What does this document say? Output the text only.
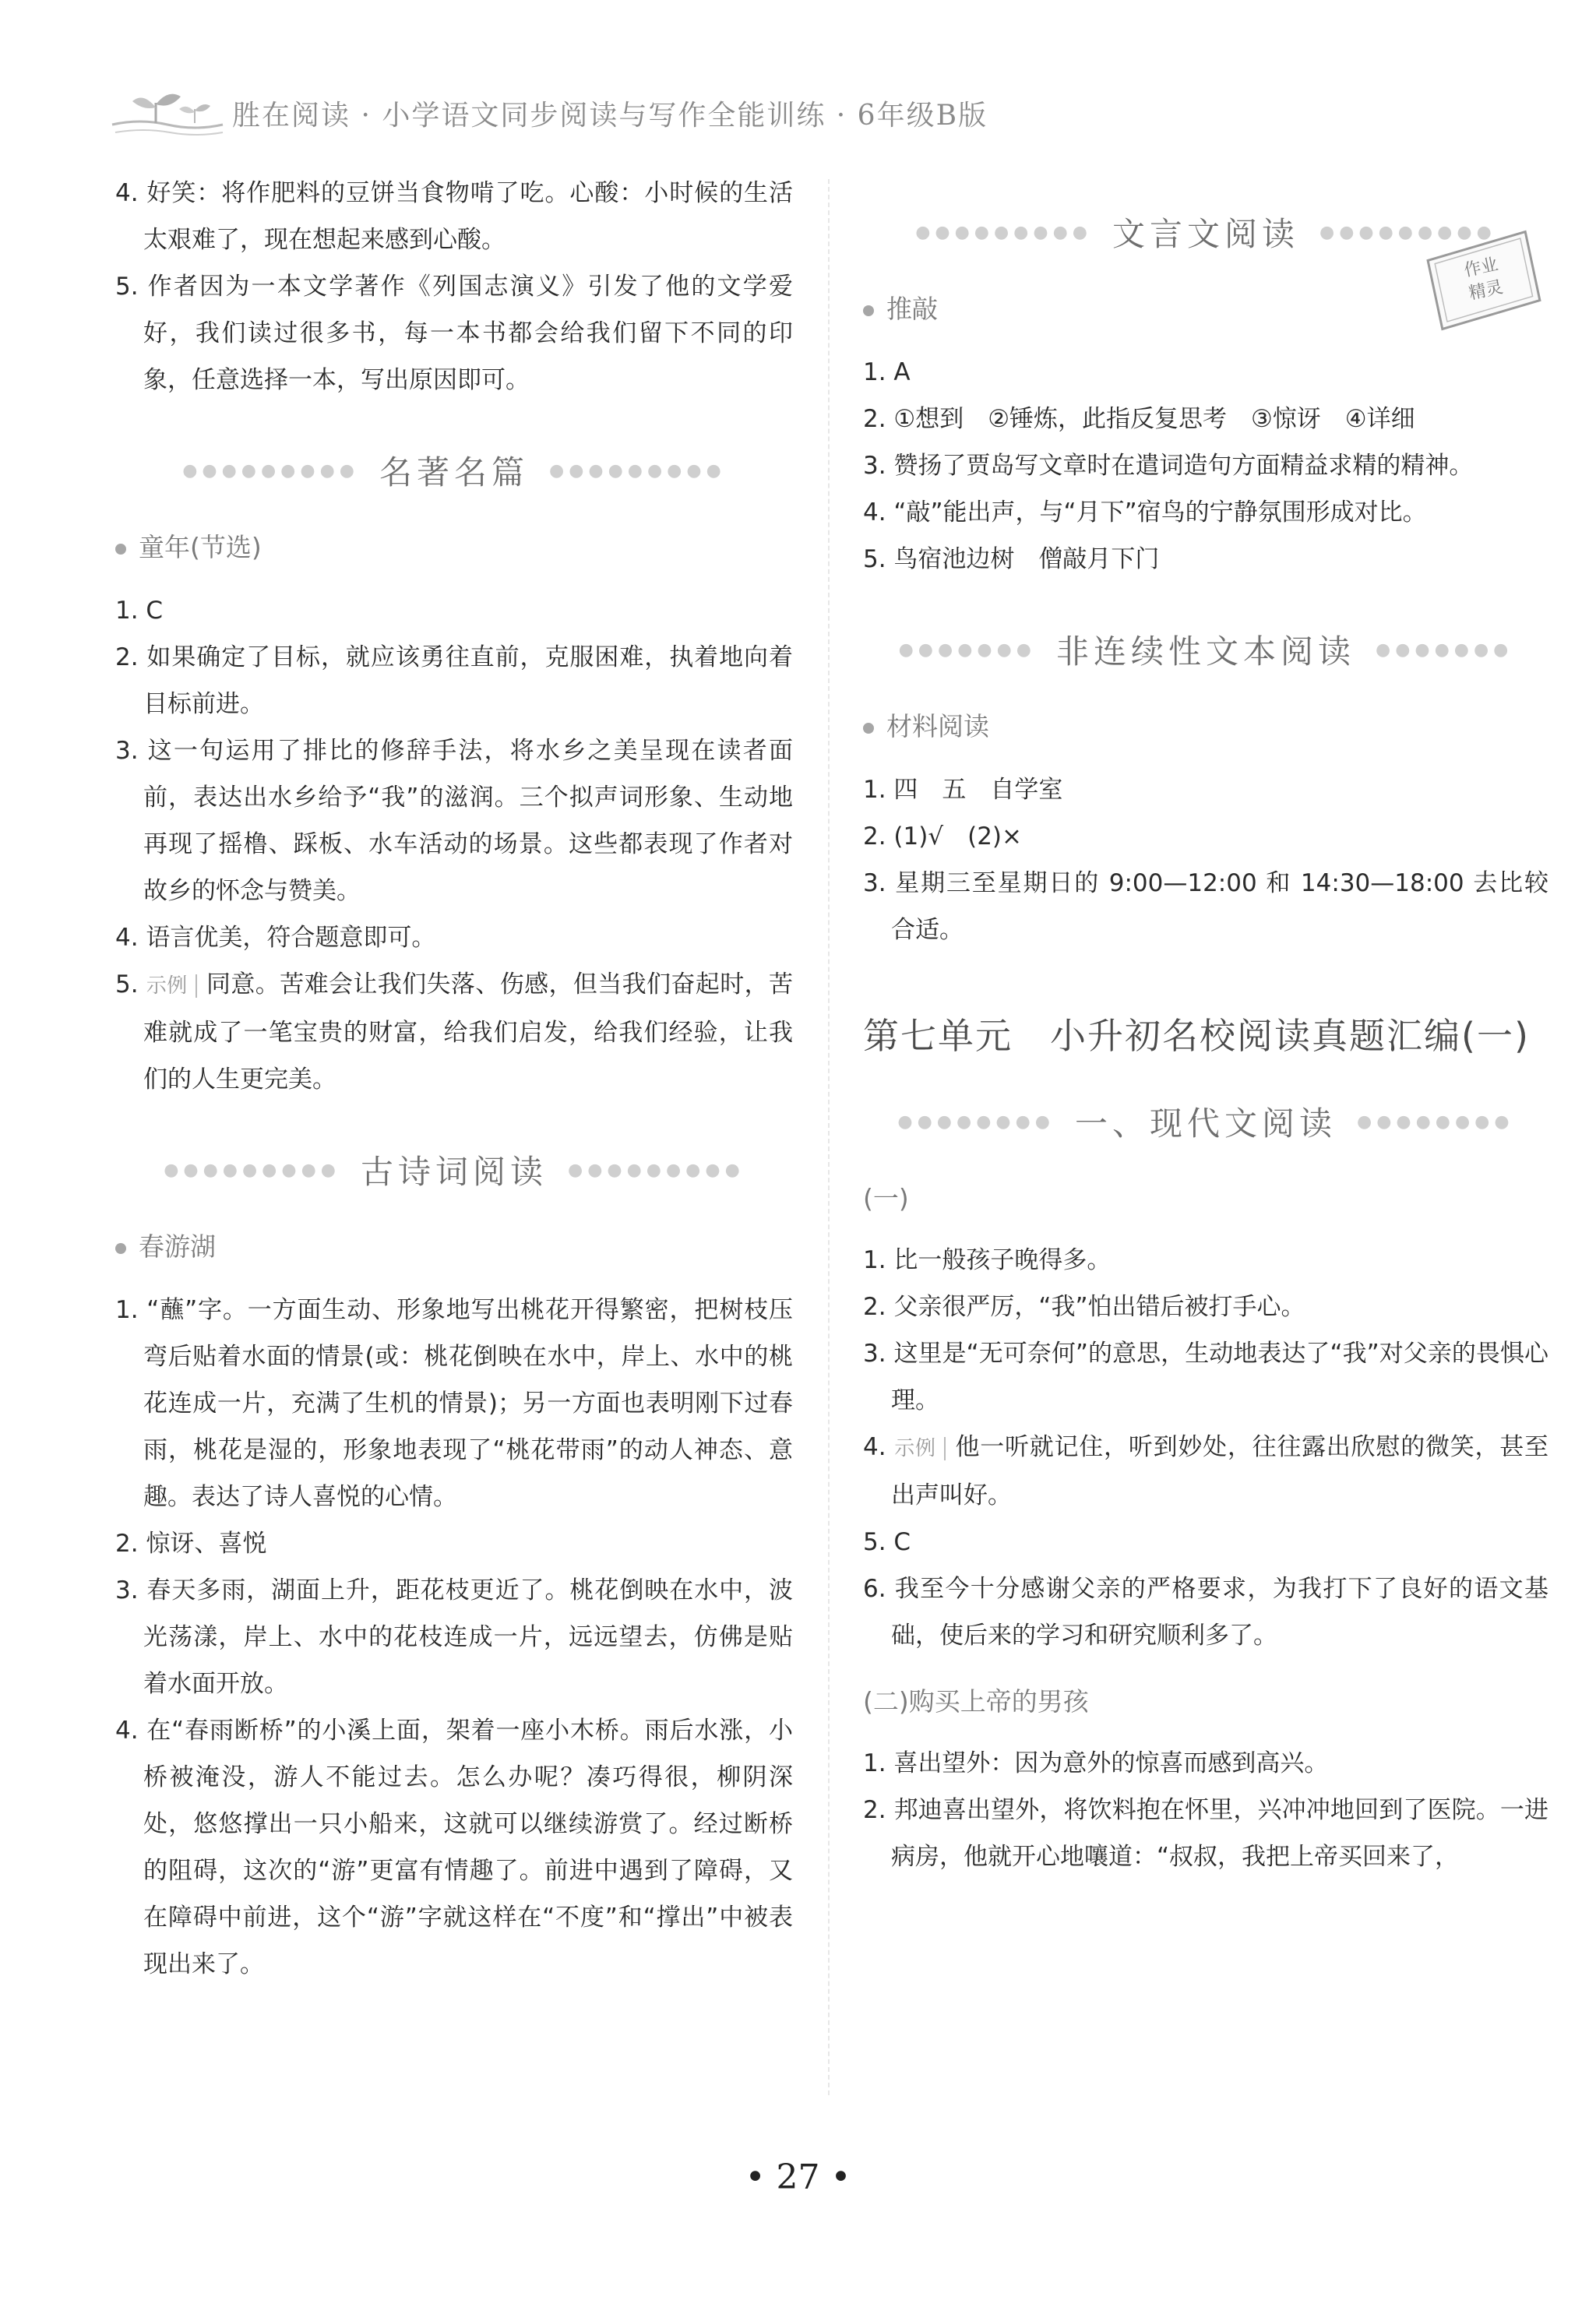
胜在阅读 · 小学语文同步阅读与写作全能训练 · 6年级B版

4. 好笑：将作肥料的豆饼当食物啃了吃。心酸：小时候的生活太艰难了，现在想起来感到心酸。

5. 作者因为一本文学著作《列国志演义》引发了他的文学爱好，我们读过很多书，每一本书都会给我们留下不同的印象，任意选择一本，写出原因即可。

●●●●●●●●● 名著名篇 ●●●●●●●●●
童年(节选)

1. C

2. 如果确定了目标，就应该勇往直前，克服困难，执着地向着目标前进。

3. 这一句运用了排比的修辞手法，将水乡之美呈现在读者面前，表达出水乡给予“我”的滋润。三个拟声词形象、生动地再现了摇橹、踩板、水车活动的场景。这些都表现了作者对故乡的怀念与赞美。

4. 语言优美，符合题意即可。

5. 示例 同意。苦难会让我们失落、伤感，但当我们奋起时，苦难就成了一笔宝贵的财富，给我们启发，给我们经验，让我们的人生更完美。

●●●●●●●●● 古诗词阅读 ●●●●●●●●●
春游湖

1. “蘸”字。一方面生动、形象地写出桃花开得繁密，把树枝压弯后贴着水面的情景(或：桃花倒映在水中，岸上、水中的桃花连成一片，充满了生机的情景)；另一方面也表明刚下过春雨，桃花是湿的，形象地表现了“桃花带雨”的动人神态、意趣。表达了诗人喜悦的心情。

2. 惊讶、喜悦

3. 春天多雨，湖面上升，距花枝更近了。桃花倒映在水中，波光荡漾，岸上、水中的花枝连成一片，远远望去，仿佛是贴着水面开放。

4. 在“春雨断桥”的小溪上面，架着一座小木桥。雨后水涨，小桥被淹没，游人不能过去。怎么办呢？凑巧得很，柳阴深处，悠悠撑出一只小船来，这就可以继续游赏了。经过断桥的阻碍，这次的“游”更富有情趣了。前进中遇到了障碍，又在障碍中前进，这个“游”字就这样在“不度”和“撑出”中被表现出来了。

●●●●●●●●● 文言文阅读 ●●●●●●●●●
推敲

1. A

2. ①想到　②锤炼，此指反复思考　③惊讶　④详细

3. 赞扬了贾岛写文章时在遣词造句方面精益求精的精神。

4. “敲”能出声，与“月下”宿鸟的宁静氛围形成对比。

5. 鸟宿池边树　僧敲月下门

●●●●●●● 非连续性文本阅读 ●●●●●●●
材料阅读

1. 四　五　自学室

2. (1)√　(2)×

3. 星期三至星期日的 9:00—12:00 和 14:30—18:00 去比较合适。

第七单元　小升初名校阅读真题汇编(一)
●●●●●●●● 一、现代文阅读 ●●●●●●●●
(一)

1. 比一般孩子晚得多。

2. 父亲很严厉，“我”怕出错后被打手心。

3. 这里是“无可奈何”的意思，生动地表达了“我”对父亲的畏惧心理。

4. 示例 他一听就记住，听到妙处，往往露出欣慰的微笑，甚至出声叫好。

5. C

6. 我至今十分感谢父亲的严格要求，为我打下了良好的语文基础，使后来的学习和研究顺利多了。

(二)购买上帝的男孩

1. 喜出望外：因为意外的惊喜而感到高兴。

2. 邦迪喜出望外，将饮料抱在怀里，兴冲冲地回到了医院。一进病房，他就开心地嚷道：“叔叔，我把上帝买回来了，

作业
精灵
• 27 •
